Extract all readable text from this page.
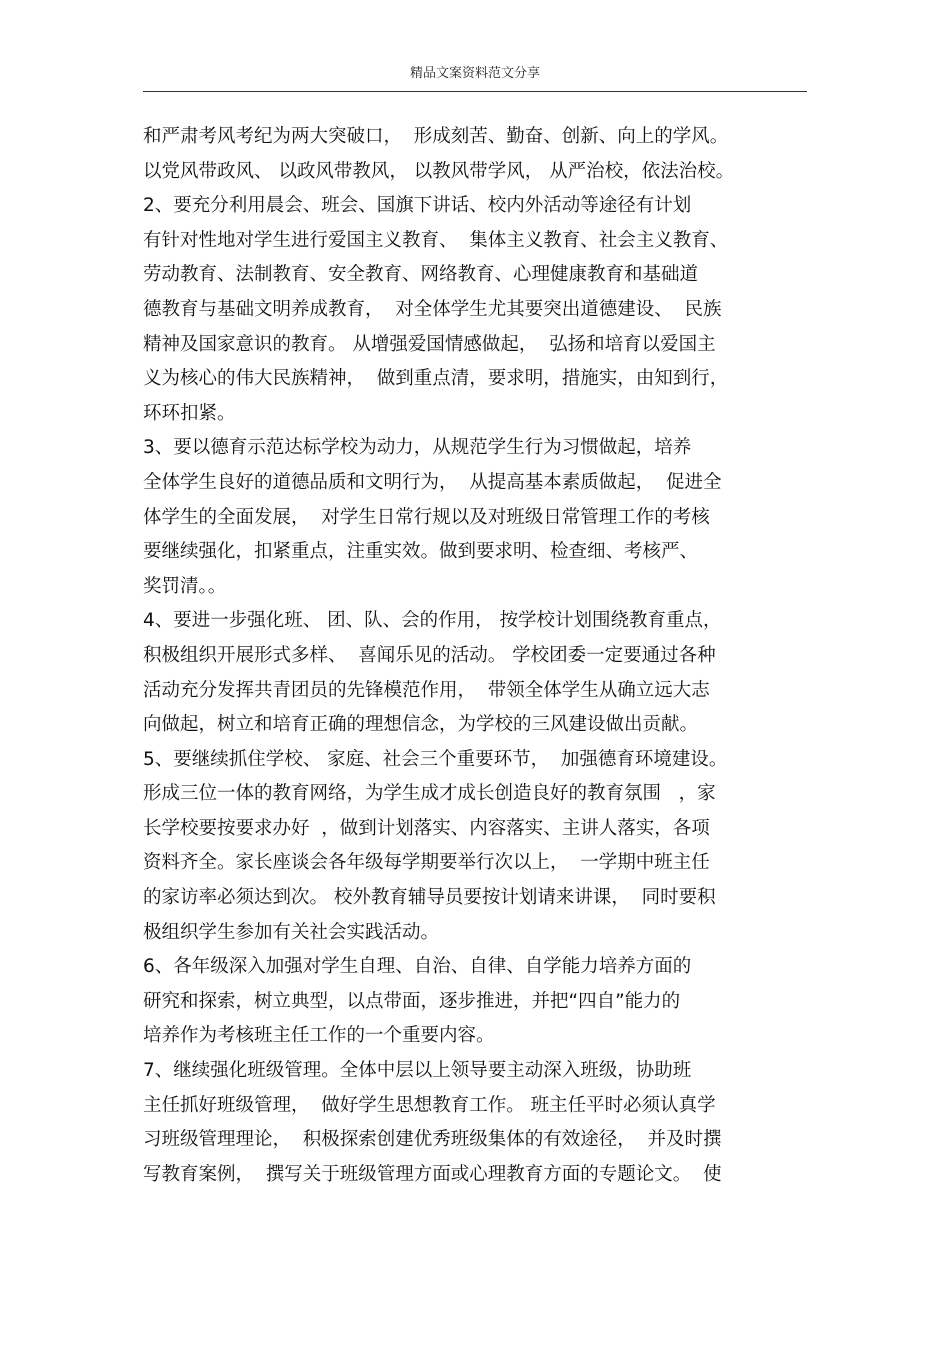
精品文案资料范文分享
和严肃考风考纪为两大突破口，  形成刻苦、勤奋、创新、向上的学风。
以党风带政风、 以政风带教风， 以教风带学风， 从严治校，依法治校。
2、要充分利用晨会、班会、国旗下讲话、校内外活动等途径有计划
有针对性地对学生进行爱国主义教育、  集体主义教育、社会主义教育、
劳动教育、法制教育、安全教育、网络教育、心理健康教育和基础道
德教育与基础文明养成教育，  对全体学生尤其要突出道德建设、  民族
精神及国家意识的教育。 从增强爱国情感做起，  弘扬和培育以爱国主
义为核心的伟大民族精神，  做到重点清，要求明，措施实，由知到行，
环环扣紧。
3、要以德育示范达标学校为动力，从规范学生行为习惯做起，培养
全体学生良好的道德品质和文明行为，  从提高基本素质做起，  促进全
体学生的全面发展，  对学生日常行规以及对班级日常管理工作的考核
要继续强化，扣紧重点，注重实效。做到要求明、检查细、考核严、
奖罚清。。
4、要进一步强化班、 团、队、会的作用， 按学校计划围绕教育重点，
积极组织开展形式多样、  喜闻乐见的活动。 学校团委一定要通过各种
活动充分发挥共青团员的先锋模范作用，  带领全体学生从确立远大志
向做起，树立和培育正确的理想信念，为学校的三风建设做出贡献。
5、要继续抓住学校、 家庭、社会三个重要环节，  加强德育环境建设。
形成三位一体的教育网络，为学生成才成长创造良好的教育氛围   ，家
长学校要按要求办好  ，做到计划落实、内容落实、主讲人落实，各项
资料齐全。家长座谈会各年级每学期要举行次以上，  一学期中班主任
的家访率必须达到次。 校外教育辅导员要按计划请来讲课，  同时要积
极组织学生参加有关社会实践活动。
6、各年级深入加强对学生自理、自治、自律、自学能力培养方面的
研究和探索，树立典型，以点带面，逐步推进，并把“四自”能力的
培养作为考核班主任工作的一个重要内容。
7、继续强化班级管理。全体中层以上领导要主动深入班级，协助班
主任抓好班级管理，  做好学生思想教育工作。 班主任平时必须认真学
习班级管理理论，  积极探索创建优秀班级集体的有效途径，  并及时撰
写教育案例，  撰写关于班级管理方面或心理教育方面的专题论文。  使
